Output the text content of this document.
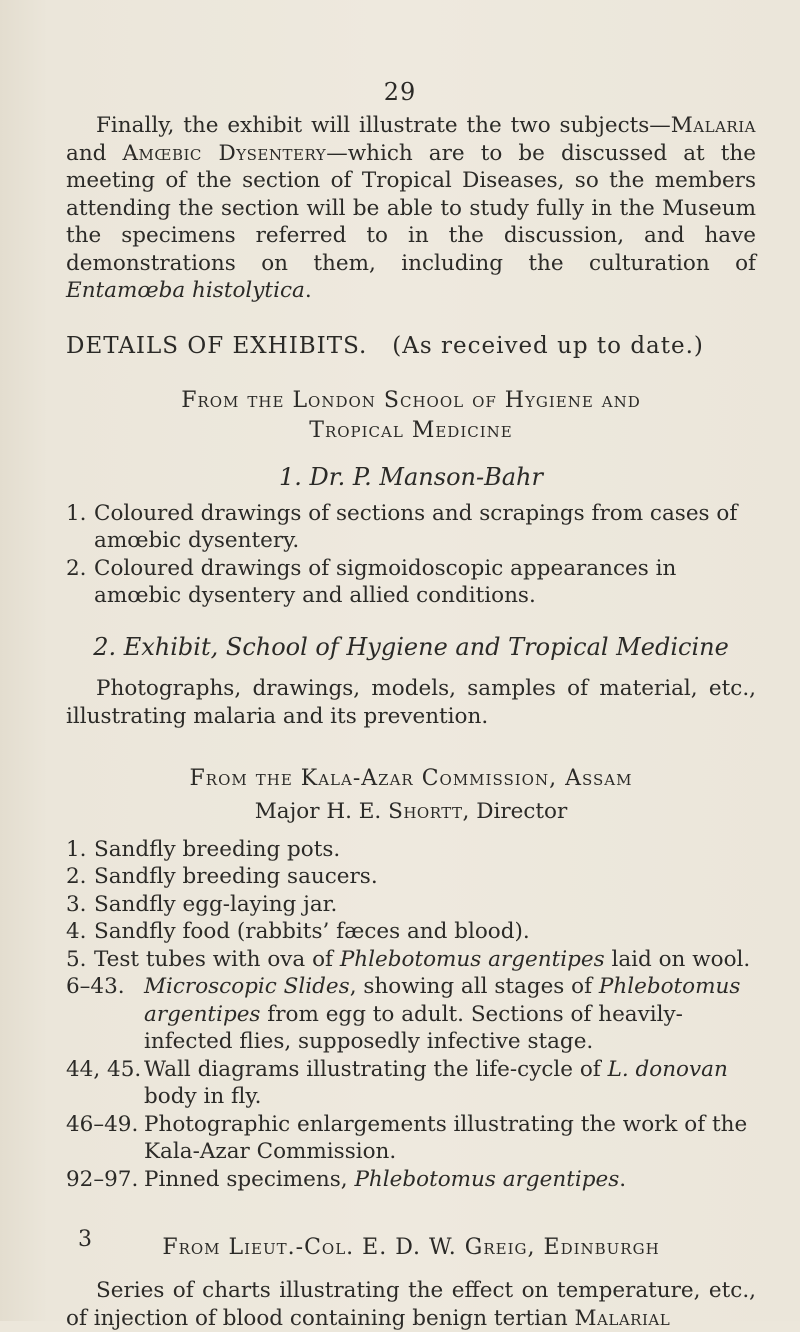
29

Finally, the exhibit will illustrate the two subjects—Malaria and Amœbic Dysentery—which are to be discussed at the meeting of the section of Tropical Diseases, so the members attending the section will be able to study fully in the Museum the specimens referred to in the discussion, and have demonstrations on them, including the culturation of Entamœba histolytica.

DETAILS OF EXHIBITS. (As received up to date.)

From the London School of Hygiene and
Tropical Medicine
1. Dr. P. Manson-Bahr
1. Coloured drawings of sections and scrapings from cases of amœbic dysentery.
2. Coloured drawings of sigmoidoscopic appearances in amœbic dysentery and allied conditions.
2. Exhibit, School of Hygiene and Tropical Medicine

Photographs, drawings, models, samples of material, etc., illustrating malaria and its prevention.

From the Kala-Azar Commission, Assam
Major H. E. Shortt, Director
1. Sandfly breeding pots.
2. Sandfly breeding saucers.
3. Sandfly egg-laying jar.
4. Sandfly food (rabbits’ fæces and blood).
5. Test tubes with ova of Phlebotomus argentipes laid on wool.
6–43. Microscopic Slides, showing all stages of Phlebotomus argentipes from egg to adult. Sections of heavily-infected flies, supposedly infective stage.
44, 45. Wall diagrams illustrating the life-cycle of L. donovan body in fly.
46–49. Photographic enlargements illustrating the work of the Kala-Azar Commission.
92–97. Pinned specimens, Phlebotomus argentipes.
From Lieut.-Col. E. D. W. Greig, Edinburgh

Series of charts illustrating the effect on temperature, etc., of injection of blood containing benign tertian Malarial

3
